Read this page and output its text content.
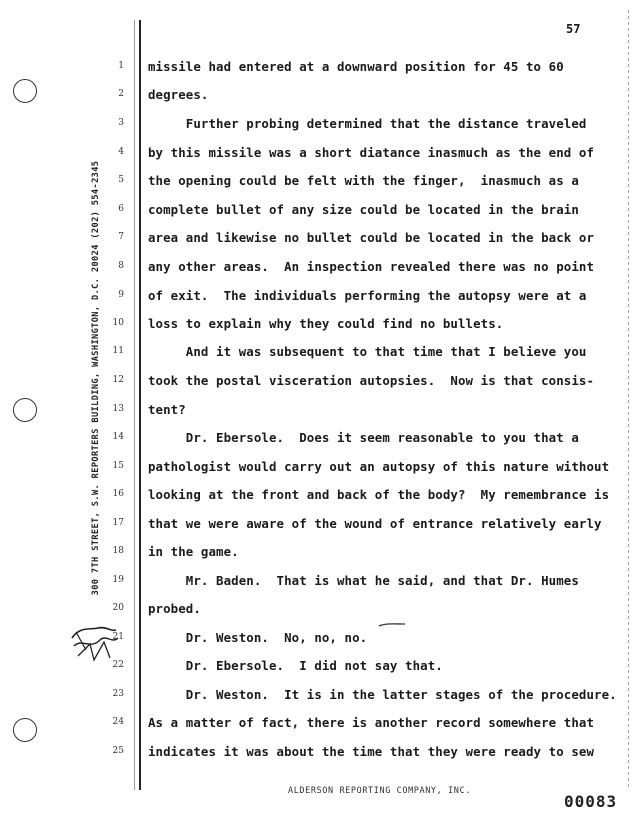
300 7TH STREET, S.W. REPORTERS BUILDING, WASHINGTON, D.C. 20024 (202) 554-2345
57
1 missile had entered at a downward position for 45 to 60
2 degrees.
3 Further probing determined that the distance traveled
4 by this missile was a short diatance inasmuch as the end of
5 the opening could be felt with the finger,  inasmuch as a
6 complete bullet of any size could be located in the brain
7 area and likewise no bullet could be located in the back or
8 any other areas.  An inspection revealed there was no point
9 of exit.  The individuals performing the autopsy were at a
10 loss to explain why they could find no bullets.
11 And it was subsequent to that time that I believe you
12 took the postal visceration autopsies.  Now is that consis-
13 tent?
14 Dr. Ebersole.  Does it seem reasonable to you that a
15 pathologist would carry out an autopsy of this nature without
16 looking at the front and back of the body?  My remembrance is
17 that we were aware of the wound of entrance relatively early
18 in the game.
19 Mr. Baden.  That is what he said, and that Dr. Humes
20 probed.
21 Dr. Weston.  No, no, no.
22 Dr. Ebersole.  I did not say that.
23 Dr. Weston.  It is in the latter stages of the procedure.
24 As a matter of fact, there is another record somewhere that
25 indicates it was about the time that they were ready to sew
ALDERSON REPORTING COMPANY, INC.
00083
